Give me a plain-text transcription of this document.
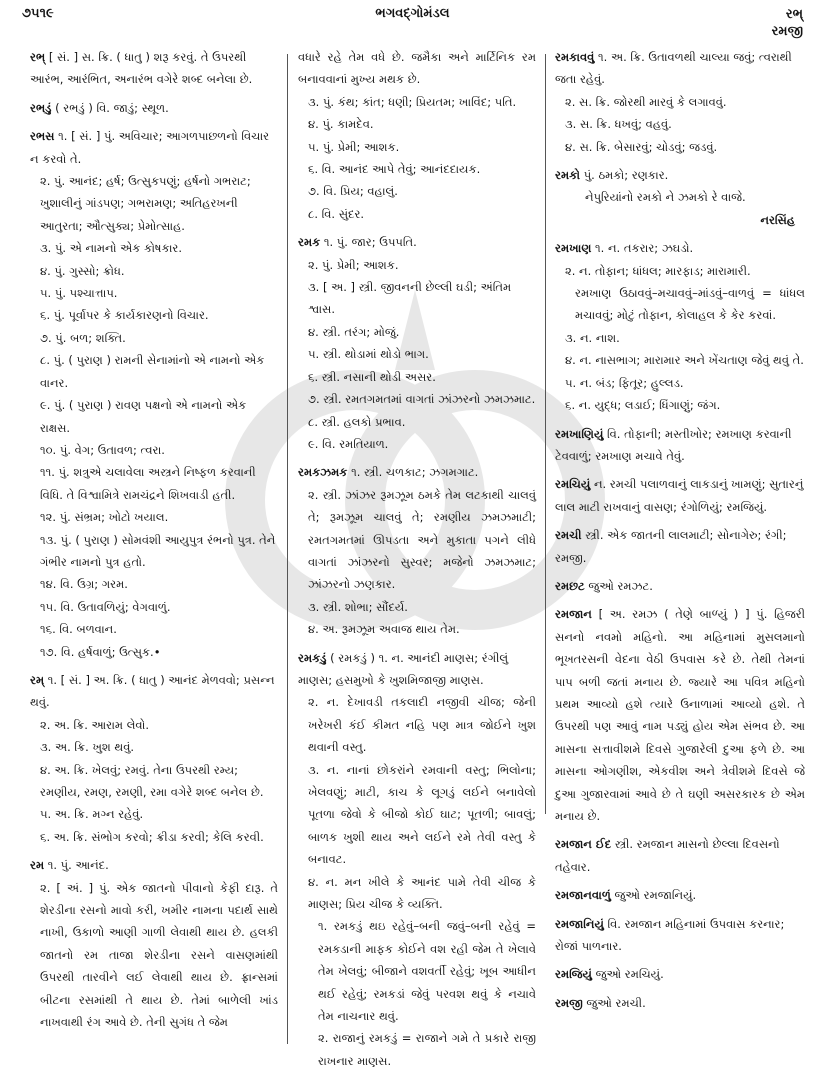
૭૫૧૯	ભગવદ્ગોમંડલ	રભ્
રમજી
રભ્ [ સં. ] સ. ક્રિ. ( ધાતુ ) શરૂ કરવું. તે ઉપરથી આરંભ, આરંભિત, અનારંભ વગેરે શબ્દ બનેલા છે.
રભડું ( રભડું ) વિ. જાડું; સ્થૂળ.
રભસ ૧. [ સં. ] પું. અવિચાર; આગળપાછળનો વિચાર ન કરવો તે.
૨. પું. આનંદ; હર્ષ; ઉત્સુકપણું; હર્ષનો ગભરાટ; ખુશાલીનું ગાંડપણ; ગભરામણ; અતિહરખની આતુરતા; ઔત્સુક્ય; પ્રેમોત્સાહ.
૩. પું. એ નામનો એક કોષકાર.
૪. પું. ગુસ્સો; ક્રોધ.
૫. પું. પશ્ચાત્તાપ.
૬. પું. પૂર્વાપર કે કાર્યકારણનો વિચાર.
૭. પું. બળ; શક્તિ.
૮. પું. ( પુરાણ ) રામની સેનામાંનો એ નામનો એક વાનર.
૯. પું. ( પુરાણ ) રાવણ પક્ષનો એ નામનો એક રાક્ષસ.
૧૦. પું. વેગ; ઉતાવળ; ત્વરા.
૧૧. પું. શત્રુએ ચલાવેલા અસ્ત્રને નિષ્ફળ કરવાની વિધિ. તે વિશ્વામિત્રે રામચંદ્રને શિખવાડી હતી.
૧૨. પું. સંભ્રમ; ખોટો ખયાલ.
૧૩. પું. ( પુરાણ ) સોમવંશી આયુપુત્ર રંભનો પુત્ર. તેને ગંભીર નામનો પુત્ર હતો.
૧૪. વિ. ઉગ્ર; ગરમ.
૧૫. વિ. ઉતાવળિયું; વેગવાળું.
૧૬. વિ. બળવાન.
૧૭. વિ. હર્ષવાળું; ઉત્સુક.•
રમ્ ૧. [ સં. ] અ. ક્રિ. ( ધાતુ ) આનંદ મેળવવો; પ્રસન્ન થવું.
૨. અ. ક્રિ. આરામ લેવો.
૩. અ. ક્રિ. ખુશ થવું.
૪. અ. ક્રિ. ખેલવું; રમવું. તેના ઉપરથી રમ્ય; રમણીય, રમણ, રમણી, રમા વગેરે શબ્દ બનેલ છે.
૫. અ. ક્રિ. મગ્ન રહેવું.
૬. અ. ક્રિ. સંભોગ કરવો; ક્રીડા કરવી; કેલિ કરવી.
રમ ૧. પું. આનંદ.
૨. [ અં. ] પું. એક જાતનો પીવાનો કેફી દારૂ. તે શેરડીના રસનો માવો કરી, ખમીર નામના પદાર્થ સાથે નાખી, ઉકાળો આણી ગાળી લેવાથી થાય છે. હલકી જાતનો રમ તાજા શેરડીના રસને વાસણમાંથી ઉપરથી તારવીને લઈ લેવાથી થાય છે. ફ્રાન્સમાં બીટના રસમાંથી તે થાય છે. તેમાં બાળેલી ખાંડ નાખવાથી રંગ આવે છે. તેની સુગંધ તે જેમ
વધારે રહે તેમ વધે છે. જમૈકા અને માર્ટિનિક રમ બનાવવાનાં મુખ્ય મથક છે.
૩. પું. કંથ; કાંત; ધણી; પ્રિયતમ; ખાવિંદ; પતિ.
૪. પું. કામદેવ.
૫. પું. પ્રેમી; આશક.
૬. વિ. આનંદ આપે તેવું; આનંદદાયક.
૭. વિ. પ્રિય; વહાલું.
૮. વિ. સુંદર.
રમક ૧. પું. જાર; ઉપપતિ.
૨. પું. પ્રેમી; આશક.
૩. [ અ. ] સ્ત્રી. જીવનની છેલ્લી ઘડી; અંતિમ શ્વાસ.
૪. સ્ત્રી. તરંગ; મોજું.
૫. સ્ત્રી. થોડામાં થોડો ભાગ.
૬. સ્ત્રી. નસાની થોડી અસર.
૭. સ્ત્રી. રમતગમતમાં વાગતાં ઝાંઝરનો ઝમઝમાટ.
૮. સ્ત્રી. હલકો પ્રભાવ.
૯. વિ. રમતિયાળ.
રમકઝમક ૧. સ્ત્રી. ચળકાટ; ઝગમગાટ.
૨. સ્ત્રી. ઝાંઝર રૂમઝૂમ ઠમકે તેમ લટકાથી ચાલવું તે; રૂમઝૂમ ચાલવું તે; રમણીય ઝમઝમાટી; રમતગમતમાં ઊપડતા અને મુકાતા પગને લીધે વાગતાં ઝાંઝરનો સુસ્વર; મજેનો ઝમઝમાટ; ઝાંઝરનો ઝણકાર.
૩. સ્ત્રી. શોભા; સૌંદર્ય.
૪. અ. રૂમઝૂમ અવાજ થાય તેમ.
રમકડું ( રમકડું ) ૧. ન. આનંદી માણસ; રંગીલું માણસ; હસમુખો કે ખુશમિજાજી માણસ.
૨. ન. દેખાવડી તકલાદી નજીવી ચીજ; જેની ખરેખરી કંઈ કીમત નહિ પણ માત્ર જોઈને ખુશ થવાની વસ્તુ.
૩. ન. નાનાં છોકરાંને રમવાની વસ્તુ; ભિલોના; ખેલવણું; માટી, કાચ કે લૂગડું લઈને બનાવેલો પૂતળા જેવો કે બીજો કોઈ ઘાટ; પૂતળી; બાવલું; બાળક ખુશી થાય અને લઈને રમે તેવી વસ્તુ કે બનાવટ.
૪. ન. મન ખીલે કે આનંદ પામે તેવી ચીજ કે માણસ; પ્રિય ચીજ કે વ્યક્તિ.
૧. રમકડું થઇ રહેવું–બની જવું–બની રહેવું = રમકડાની માફક કોઈને વશ રહી જેમ તે ખેલાવે તેમ ખેલવું; બીજાને વશવર્તી રહેવું; ખૂબ આધીન થઈ રહેવું; રમકડાં જેવું પરવશ થવું કે નચાવે તેમ નાચનાર થવું.
૨. રાજાનું રમકડું = રાજાને ગમે તે પ્રકારે રાજી રાખનાર માણસ.
રમકાવવું ૧. અ. ક્રિ. ઉતાવળથી ચાલ્યા જવું; ત્વરાથી જતા રહેવું.
૨. સ. ક્રિ. જોરથી મારવું કે લગાવવું.
૩. સ. ક્રિ. ધખવું; વહવું.
૪. સ. ક્રિ. બેસારવું; ચોડવું; જડવું.
રમકો પું. ઠમકો; રણકાર.
નેપુરિયાંનો રમકો ને ઝમકો રે વાજે.
નરસિંહ
રમખાણ ૧. ન. તકરાર; ઝઘડો.
૨. ન. તોફાન; ધાંધલ; મારફાડ; મારામારી.
રમખાણ ઉઠાવવું–મચાવવું–માંડવું–વાળવું = ધાંધલ મચાવવું; મોટું તોફાન, કોલાહલ કે કેર કરવાં.
૩. ન. નાશ.
૪. ન. નાસભાગ; મારામાર અને ખેંચતાણ જેવું થવું તે.
૫. ન. બંડ; ફિતૂર; હુલ્લડ.
૬. ન. યુદ્ધ; લડાઈ; ધિંગાણું; જંગ.
રમખાણિયું વિ. તોફાની; મસ્તીખોર; રમખાણ કરવાની ટેવવાળું; રમખાણ મચાવે તેવું.
રમચિયું ન. રમચી પલાળવાનું લાકડાનું ખામણું; સુતારનું લાલ માટી રાખવાનું વાસણ; રંગોળિયું; રમજિયું.
રમચી સ્ત્રી. એક જાતની લાલમાટી; સોનાગેરુ; રંગી; રમજી.
રમછટ જુઓ રમઝટ.
રમજાન [ અ. રમઝ ( તેણે બાળ્યું ) ] પું. હિજરી સનનો નવમો મહિનો. આ મહિનામાં મુસલમાનો ભૂખતરસની વેદના વેઠી ઉપવાસ કરે છે. તેથી તેમનાં પાપ બળી જતાં મનાય છે. જ્યારે આ પવિત્ર મહિનો પ્રથમ આવ્યો હશે ત્યારે ઉનાળામાં આવ્યો હશે. તે ઉપરથી પણ આવું નામ પડ્યું હોય એમ સંભવ છે. આ માસના સત્તાવીશમે દિવસે ગુજારેલી દુઆ ફળે છે. આ માસના ઓગણીશ, એકવીશ અને ત્રેવીશમે દિવસે જે દુઆ ગુજારવામાં આવે છે તે ઘણી અસરકારક છે એમ મનાય છે.
રમજાન ઈદ સ્ત્રી. રમજાન માસનો છેલ્લા દિવસનો તહેવાર.
રમજાનવાળું જુઓ રમજાનિયું.
રમજાનિયું વિ. રમજાન મહિનામાં ઉપવાસ કરનાર; રોજાં પાળનાર.
રમજિયું જુઓ રમચિયું.
રમજી જુઓ રમચી.
